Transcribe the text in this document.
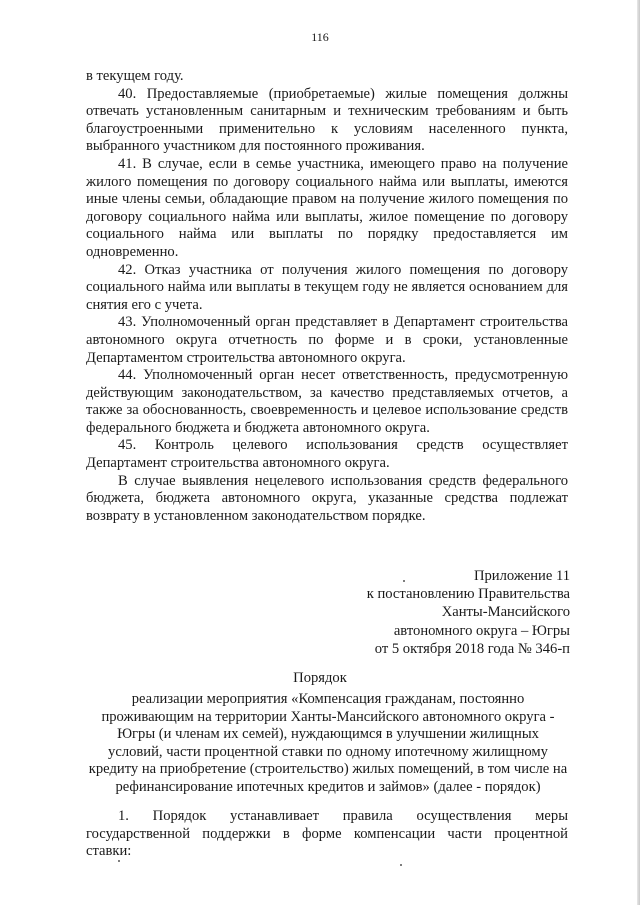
116

в текущем году.

40. Предоставляемые (приобретаемые) жилые помещения должны отвечать установленным санитарным и техническим требованиям и быть благоустроенными применительно к условиям населенного пункта, выбранного участником для постоянного проживания.

41. В случае, если в семье участника, имеющего право на получение жилого помещения по договору социального найма или выплаты, имеются иные члены семьи, обладающие правом на получение жилого помещения по договору социального найма или выплаты, жилое помещение по договору социального найма или выплаты по порядку предоставляется им одновременно.

42. Отказ участника от получения жилого помещения по договору социального найма или выплаты в текущем году не является основанием для снятия его с учета.

43. Уполномоченный орган представляет в Департамент строительства автономного округа отчетность по форме и в сроки, установленные Департаментом строительства автономного округа.

44. Уполномоченный орган несет ответственность, предусмотренную действующим законодательством, за качество представляемых отчетов, а также за обоснованность, своевременность и целевое использование средств федерального бюджета и бюджета автономного округа.

45. Контроль целевого использования средств осуществляет Департамент строительства автономного округа.

В случае выявления нецелевого использования средств федерального бюджета, бюджета автономного округа, указанные средства подлежат возврату в установленном законодательством порядке.

Приложение 11
к постановлению Правительства
Ханты-Мансийского
автономного округа – Югры
от 5 октября 2018 года № 346-п
Порядок
реализации мероприятия «Компенсация гражданам, постоянно проживающим на территории Ханты-Мансийского автономного округа - Югры (и членам их семей), нуждающимся в улучшении жилищных условий, части процентной ставки по одному ипотечному жилищному кредиту на приобретение (строительство) жилых помещений, в том числе на рефинансирование ипотечных кредитов и займов» (далее - порядок)
1. Порядок устанавливает правила осуществления меры государственной поддержки в форме компенсации части процентной ставки:
